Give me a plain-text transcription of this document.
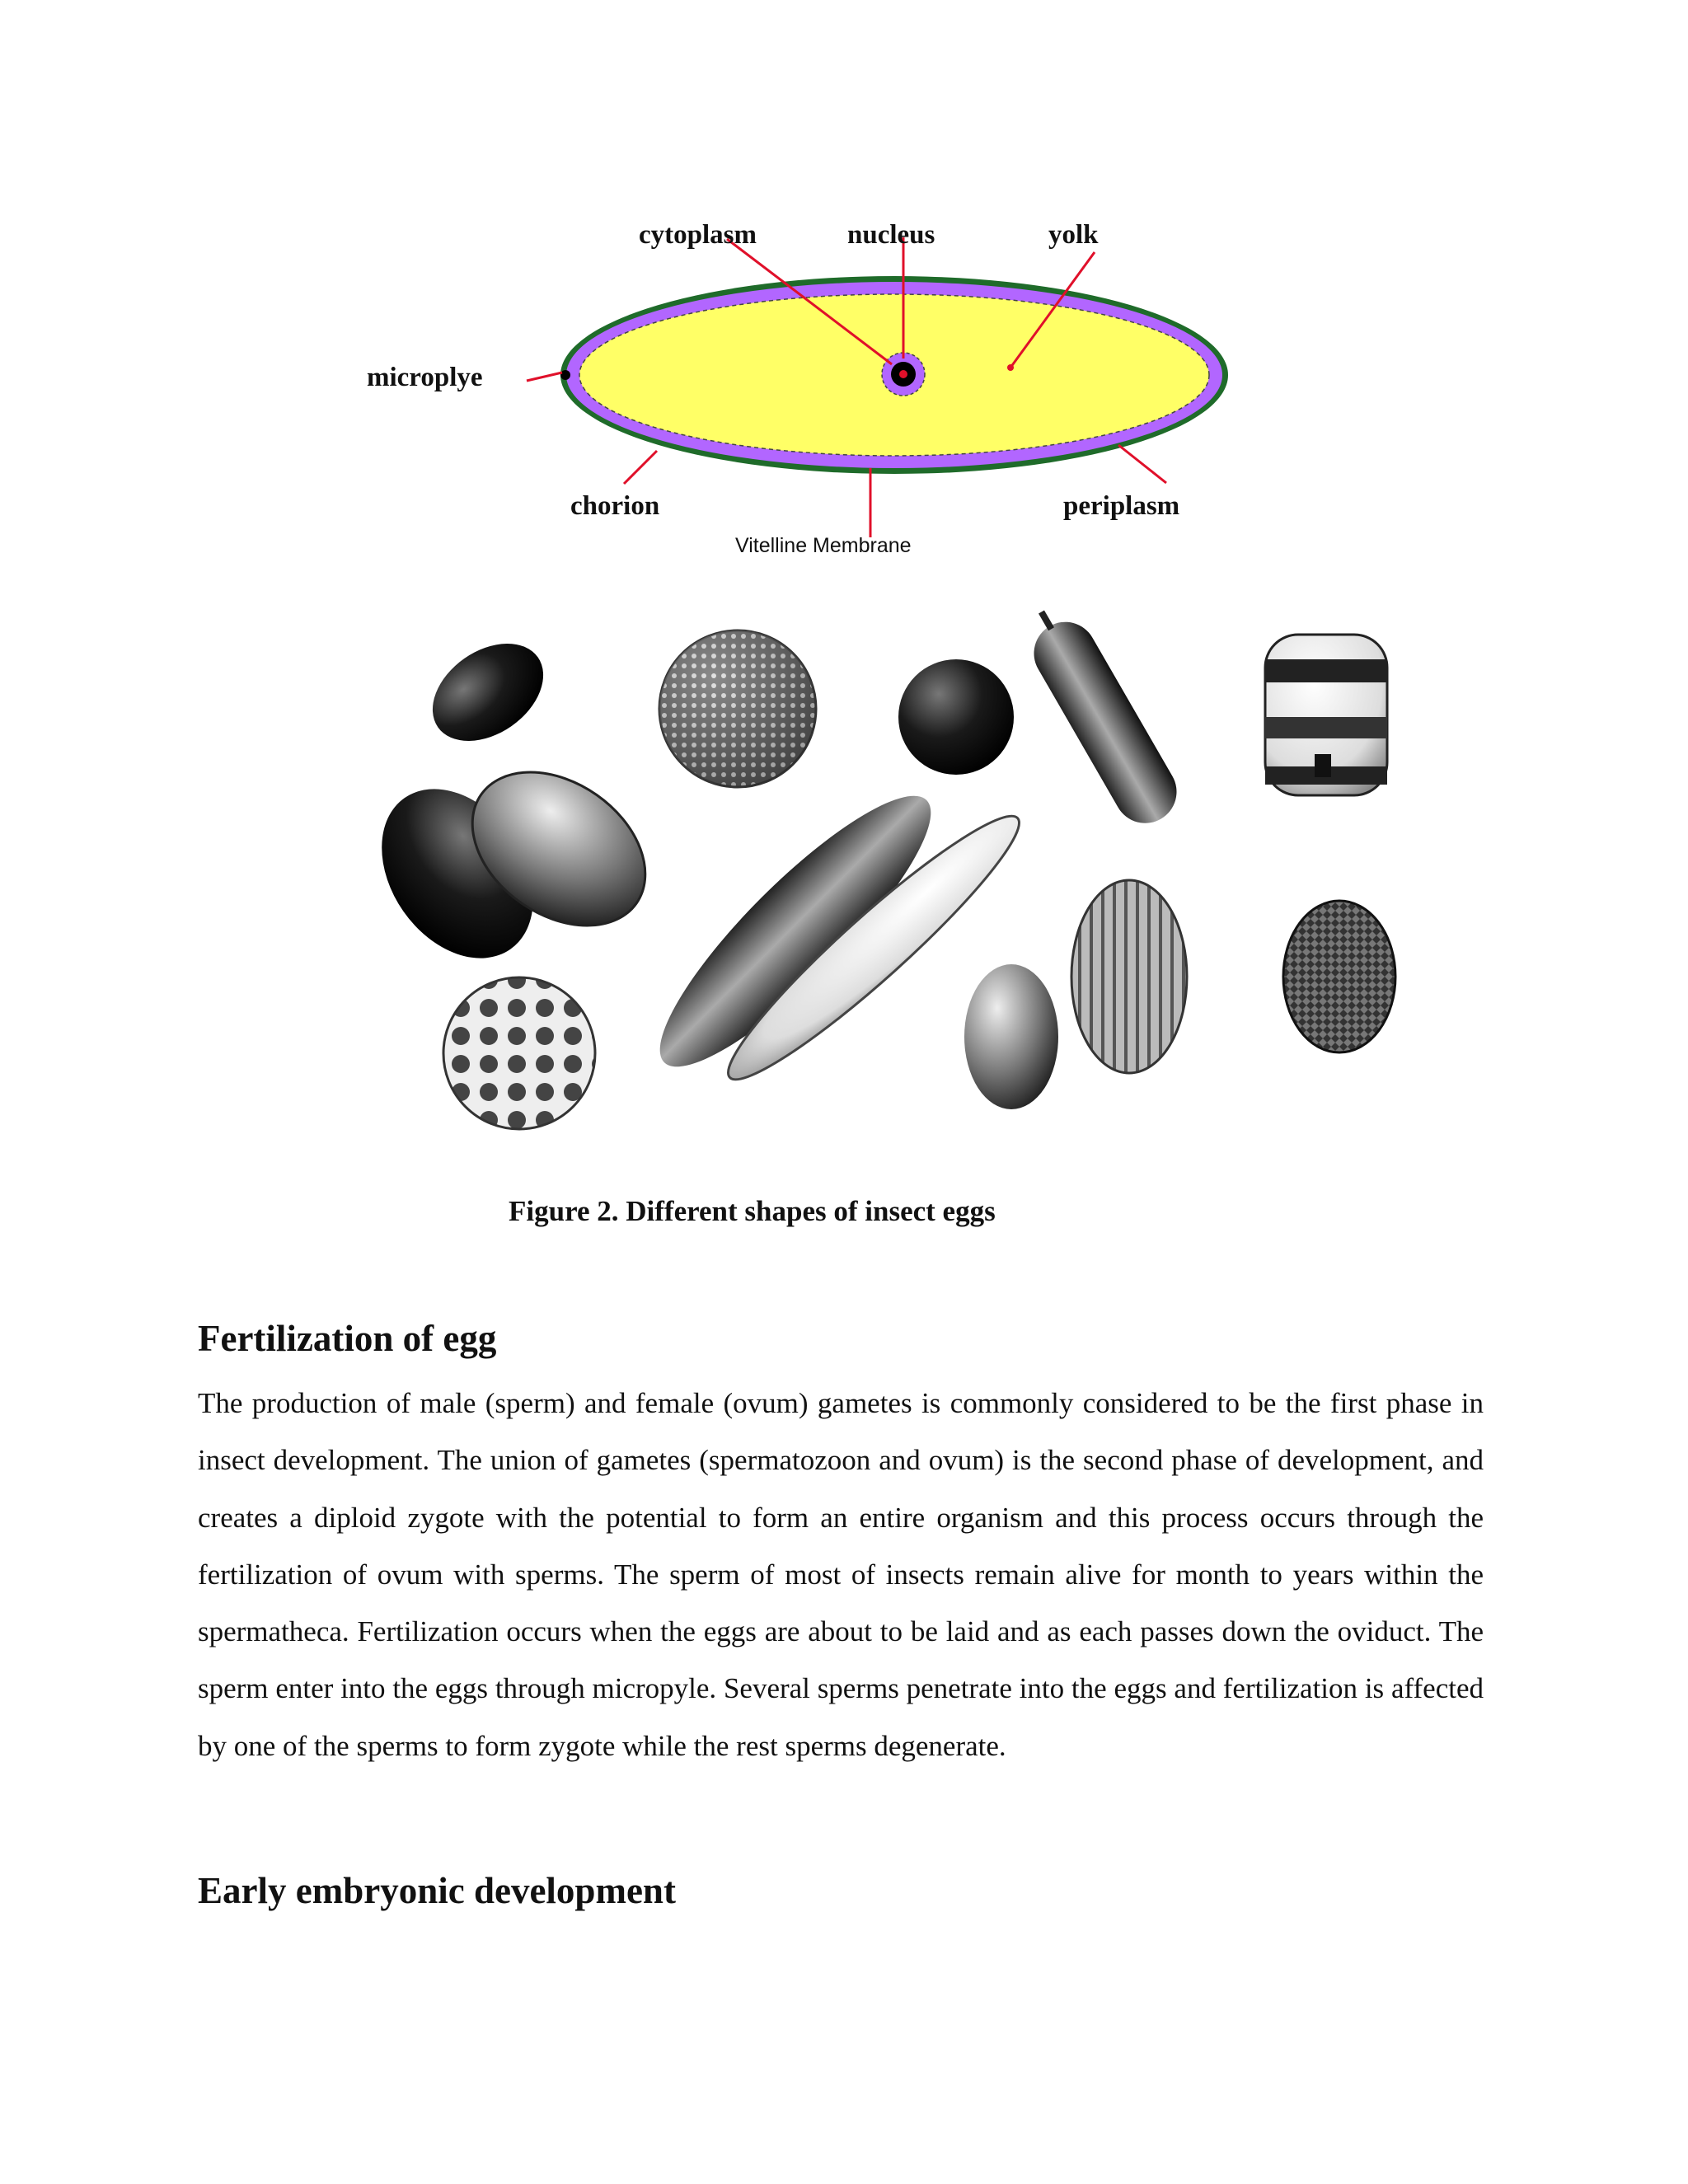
cytoplasm	nucleus	yolk
microplye
chorion	periplasm
Vitelline Membrane
Figure 2. Different shapes of insect eggs
Fertilization of egg

The production of male (sperm) and female (ovum) gametes is commonly considered to be the first phase in insect development. The union of gametes (spermatozoon and ovum) is the second phase of development, and creates a diploid zygote with the potential to form an entire organism and this process occurs through the fertilization of ovum with sperms. The sperm of most of insects remain alive for month to years within the spermatheca. Fertilization occurs when the eggs are about to be laid and as each passes down the oviduct. The sperm enter into the eggs through micropyle. Several sperms penetrate into the eggs and fertilization is affected by one of the sperms to form zygote while the rest sperms degenerate.

Early embryonic development
